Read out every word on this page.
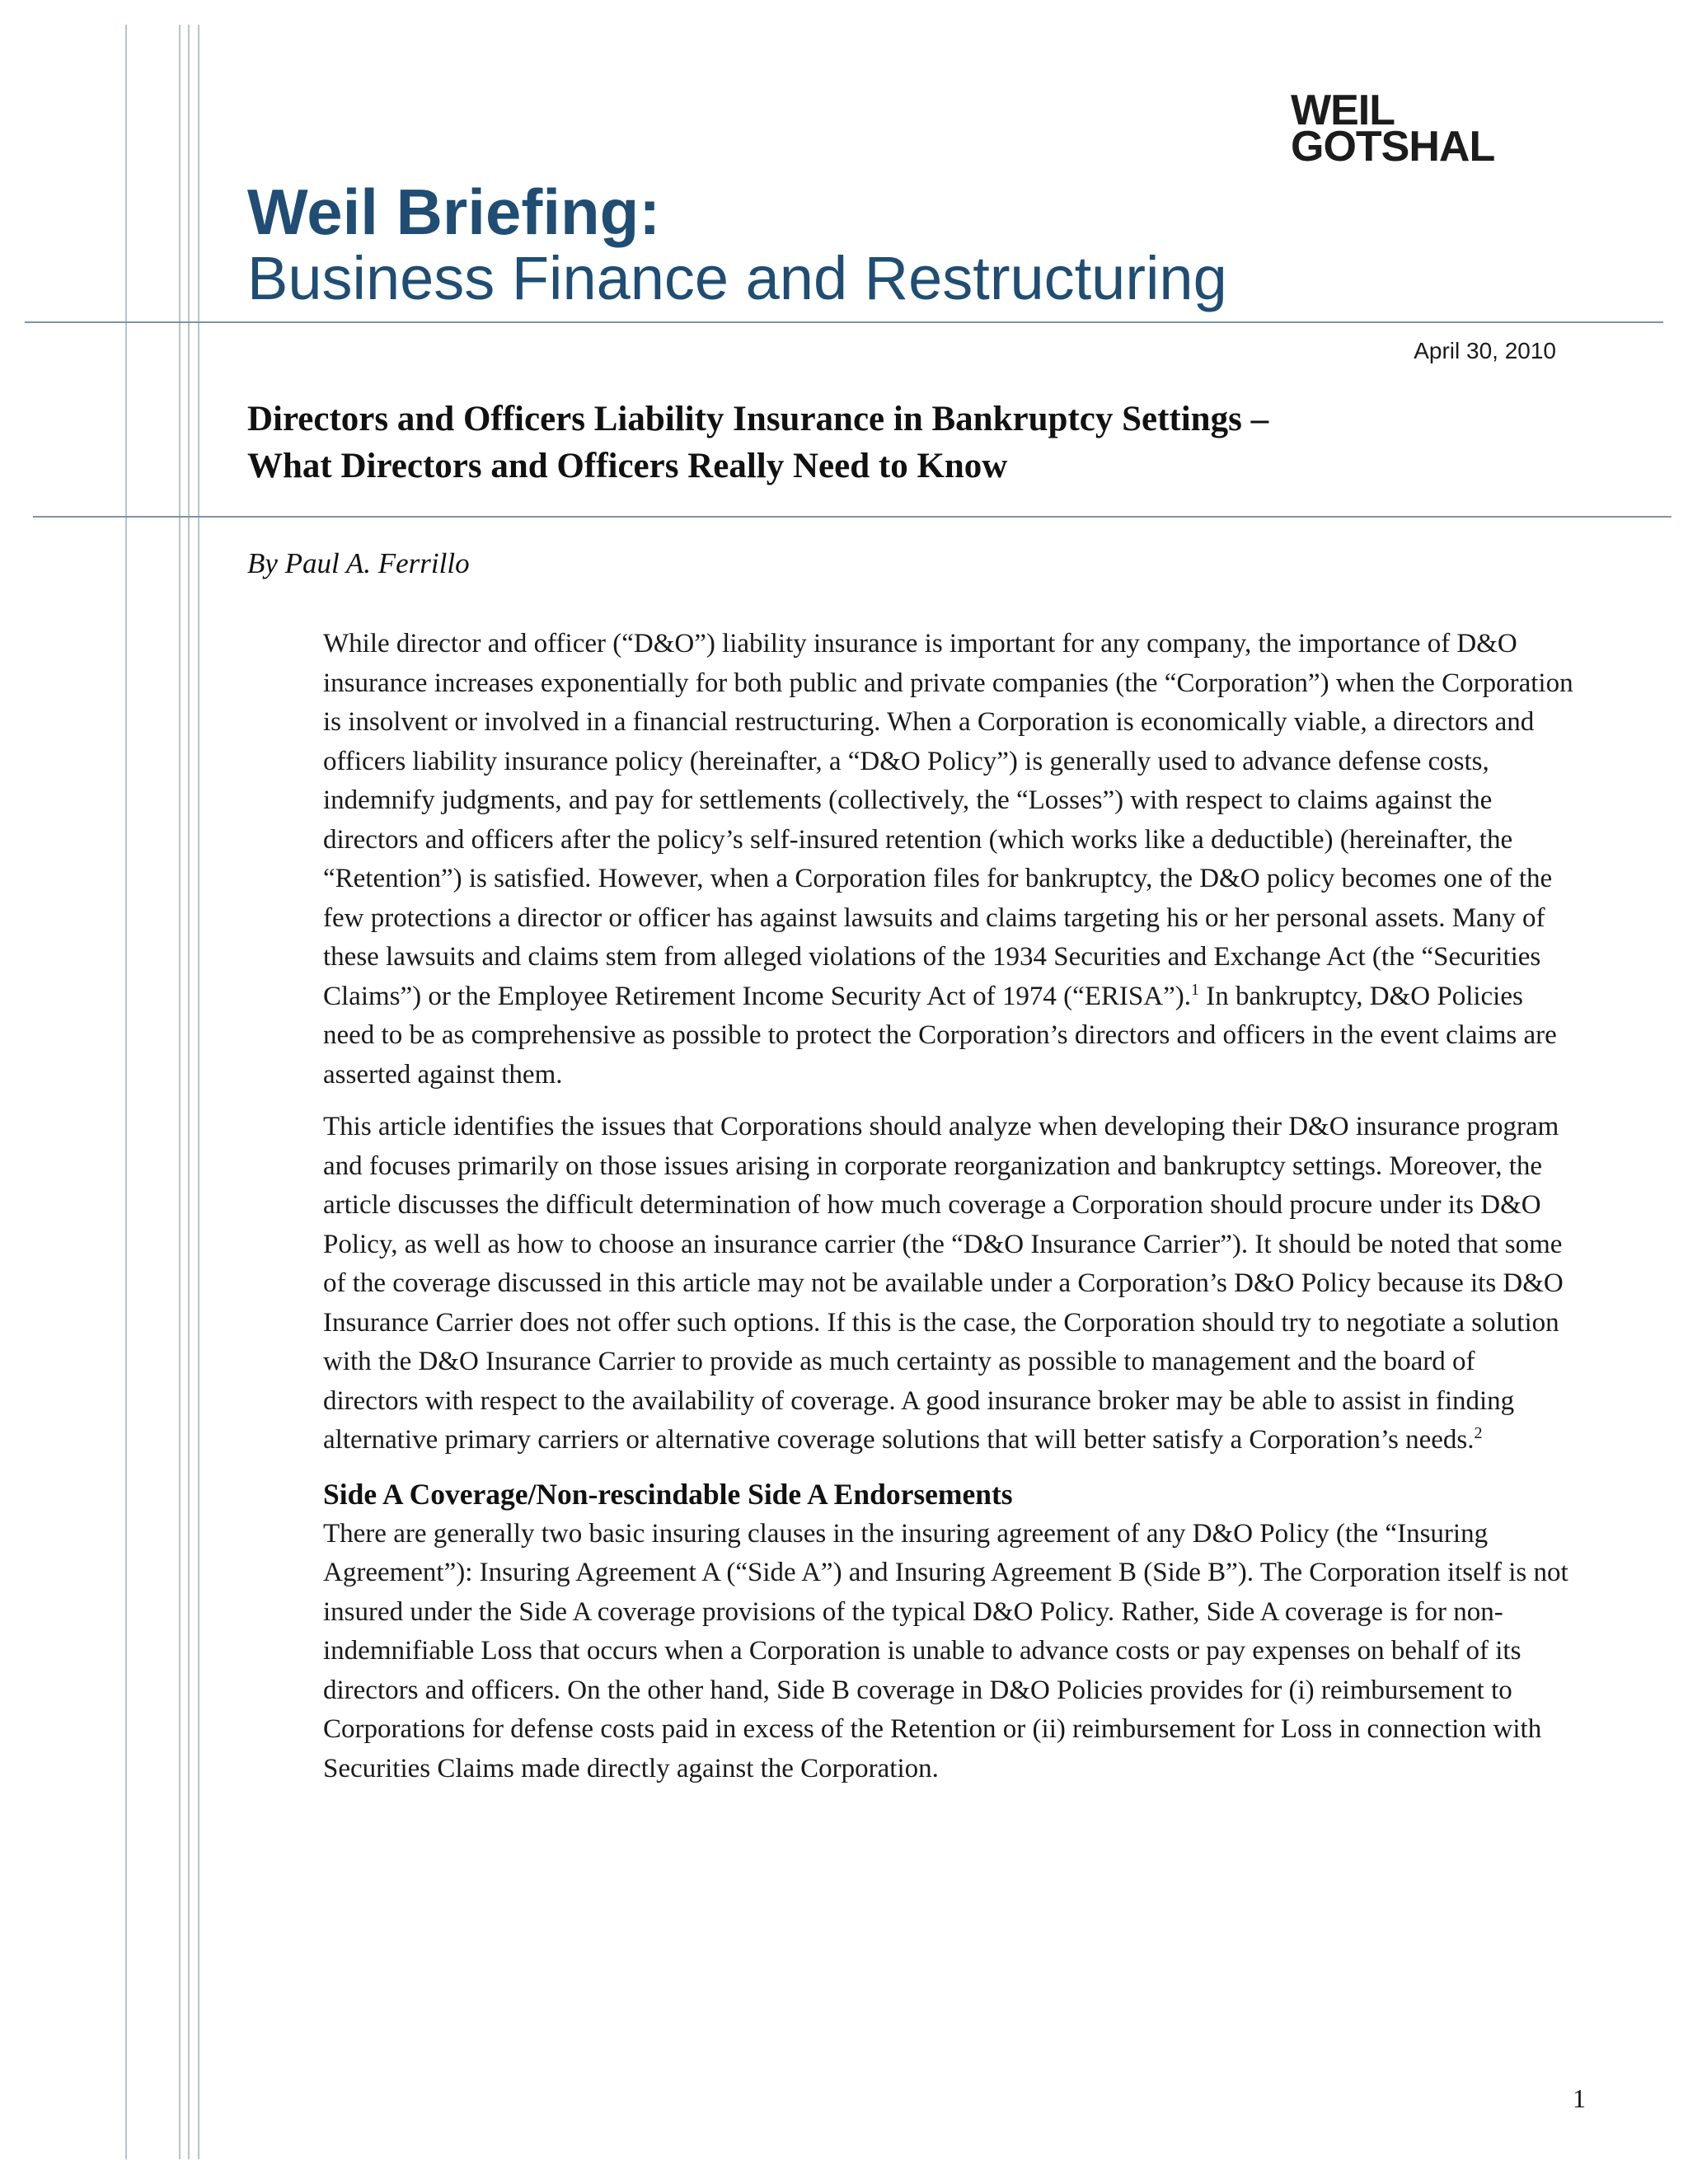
WEIL
GOTSHAL
Weil Briefing:
Business Finance and Restructuring
April 30, 2010
Directors and Officers Liability Insurance in Bankruptcy Settings –
What Directors and Officers Really Need to Know
By Paul A. Ferrillo

While director and officer (“D&O”) liability insurance is important for any company, the importance of D&O insurance increases exponentially for both public and private companies (the “Corporation”) when the Corporation is insolvent or involved in a financial restructuring. When a Corporation is economically viable, a directors and officers liability insurance policy (hereinafter, a “D&O Policy”) is generally used to advance defense costs, indemnify judgments, and pay for settlements (collectively, the “Losses”) with respect to claims against the directors and officers after the policy’s self-insured retention (which works like a deductible) (hereinafter, the “Retention”) is satisfied. However, when a Corporation files for bankruptcy, the D&O policy becomes one of the few protections a director or officer has against lawsuits and claims targeting his or her personal assets. Many of these lawsuits and claims stem from alleged violations of the 1934 Securities and Exchange Act (the “Securities Claims”) or the Employee Retirement Income Security Act of 1974 (“ERISA”).$^1$ In bankruptcy, D&O Policies need to be as comprehensive as possible to protect the Corporation’s directors and officers in the event claims are asserted against them.

This article identifies the issues that Corporations should analyze when developing their D&O insurance program and focuses primarily on those issues arising in corporate reorganization and bankruptcy settings. Moreover, the article discusses the difficult determination of how much coverage a Corporation should procure under its D&O Policy, as well as how to choose an insurance carrier (the “D&O Insurance Carrier”). It should be noted that some of the coverage discussed in this article may not be available under a Corporation’s D&O Policy because its D&O Insurance Carrier does not offer such options. If this is the case, the Corporation should try to negotiate a solution with the D&O Insurance Carrier to provide as much certainty as possible to management and the board of directors with respect to the availability of coverage. A good insurance broker may be able to assist in finding alternative primary carriers or alternative coverage solutions that will better satisfy a Corporation’s needs.$^2$

Side A Coverage/Non-rescindable Side A Endorsements

There are generally two basic insuring clauses in the insuring agreement of any D&O Policy (the “Insuring Agreement”): Insuring Agreement A (“Side A”) and Insuring Agreement B (Side B”). The Corporation itself is not insured under the Side A coverage provisions of the typical D&O Policy. Rather, Side A coverage is for non-indemnifiable Loss that occurs when a Corporation is unable to advance costs or pay expenses on behalf of its directors and officers. On the other hand, Side B coverage in D&O Policies provides for (i) reimbursement to Corporations for defense costs paid in excess of the Retention or (ii) reimbursement for Loss in connection with Securities Claims made directly against the Corporation.

1
